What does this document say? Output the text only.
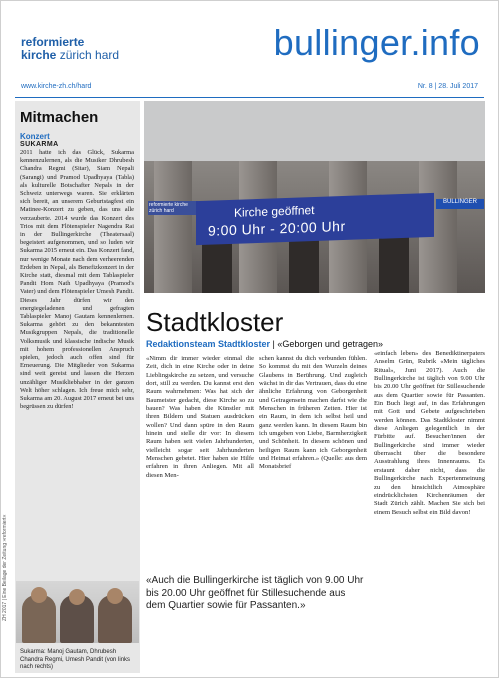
reformierte
kirche zürich hard	bullinger.info
www.kirche-zh.ch/hard	Nr. 8 | 28. Juli 2017
Mitmachen
Konzert
SUKARMA

2011 hatte ich das Glück, Sukarma kennenzulernen, als die Musiker Dhrubesh Chandra Regmi (Sitar), Siam Nepali (Sarangi) und Pramod Upadhyaya (Tabla) als kulturelle Botschafter Nepals in der Schweiz unterwegs waren. Sie erklärten sich bereit, an unserem Geburtstagfest ein Matinee-Konzert zu geben, das uns alle verzauberte. 2014 wurde das Konzert des Trios mit dem Flötenspieler Nagendra Rai in der Bullingerkirche (Theatersaal) begeistert aufgenommen, und so luden wir Sukarma 2015 erneut ein. Das Konzert fand, nur wenige Monate nach dem verheerenden Erdeben in Nepal, als Benefizkonzert in der Kirche statt, diesmal mit dem Tablaspieler Pandit Hom Nath Upadhyaya (Pramod's Vater) und dem Flötenspieler Umesh Pandit. Dieses Jahr dürfen wir den energiegeladenen und gefragten Tablaspieler Manoj Gautam kennenlernen. Sukarma gehört zu den bekanntesten Musikgruppen Nepals, die traditionelle Volksmusik und klassische indische Musik mit hohem professionellen Anspruch spielen, jedoch auch offen sind für Erneuerung. Die Mitglieder von Sukarma sind weit gereist und lassen die Herzen unzähliger Musikliebhaber in der ganzen Welt höher schlagen. Ich freue mich sehr, Sukarma am 20. August 2017 erneut bei uns begrüssen zu dürfen!

Sukarma: Manoj Gautam, Dhrubesh Chandra Regmi, Umesh Pandit (von links nach rechts)
ZH 2017 | Eine Beilage der Zeitung »reformiert«
reformierte kirche zürich hard
BULLINGER
Kirche geöffnet
9:00 Uhr - 20:00 Uhr
Stadtkloster
Redaktionsteam Stadtkloster | «Geborgen und getragen»

«Nimm dir immer wieder einmal die Zeit, dich in eine Kirche oder in deine Lieblingskirche zu setzen, und versuche dort, still zu werden. Du kannst erst den Raum wahrnehmen: Was hat sich der Baumeister gedacht, diese Kirche so zu bauen? Was haben die Künstler mit ihren Bildern und Statuen ausdrücken wollen? Und dann spüre in den Raum hinein und stelle dir vor: In diesem Raum haben seit vielen Jahrhunderten, vielleicht sogar seit Jahrhunderten Menschen gebetet. Hier haben sie Hilfe erfahren in ihren Anliegen. Mit all diesen Men-

schen kannst du dich verbunden fühlen. So kommst du mit den Wurzeln deines Glaubens in Berührung. Und zugleich wächst in dir das Vertrauen, dass du eine ähnliche Erfahrung von Geborgenheit und Getragensein machen darfst wie die Menschen in früheren Zeiten. Hier ist ein Raum, in dem ich selbst heil und ganz werden kann. In diesem Raum bin ich umgeben von Liebe, Barmherzigkeit und Schönheit. In diesem schönen und heiligen Raum kann ich Geborgenheit und Heimat erfahren.» (Quelle: aus dem Monatsbrief

«einfach leben» des Benediktinerpaters Anselm Grün, Rubrik «Mein tägliches Ritual», Juni 2017). Auch die Bullingerkirche ist täglich von 9.00 Uhr bis 20.00 Uhr geöffnet für Stillesuchende aus dem Quartier sowie für Passanten. Ein Buch liegt auf, in das Erfahrungen mit Gott und Gebete aufgeschrieben werden können. Das Stadtkloster nimmt diese Anliegen gelegentlich in der Fürbitte auf. Besucher/innen der Bullingerkirche sind immer wieder überrascht über die besondere Ausstrahlung ihres Innenraums. Es erstaunt daher nicht, dass die Bullingerkirche nach Expertenmeinung zu den hinsichtlich Atmosphäre eindrücklichsten Kirchenräumen der Stadt Zürich zählt. Machen Sie sich bei einem Besuch selbst ein Bild davon!

«Auch die Bullingerkirche ist täglich von 9.00 Uhr bis 20.00 Uhr geöffnet für Stillesuchende aus dem Quartier sowie für Passanten.»
